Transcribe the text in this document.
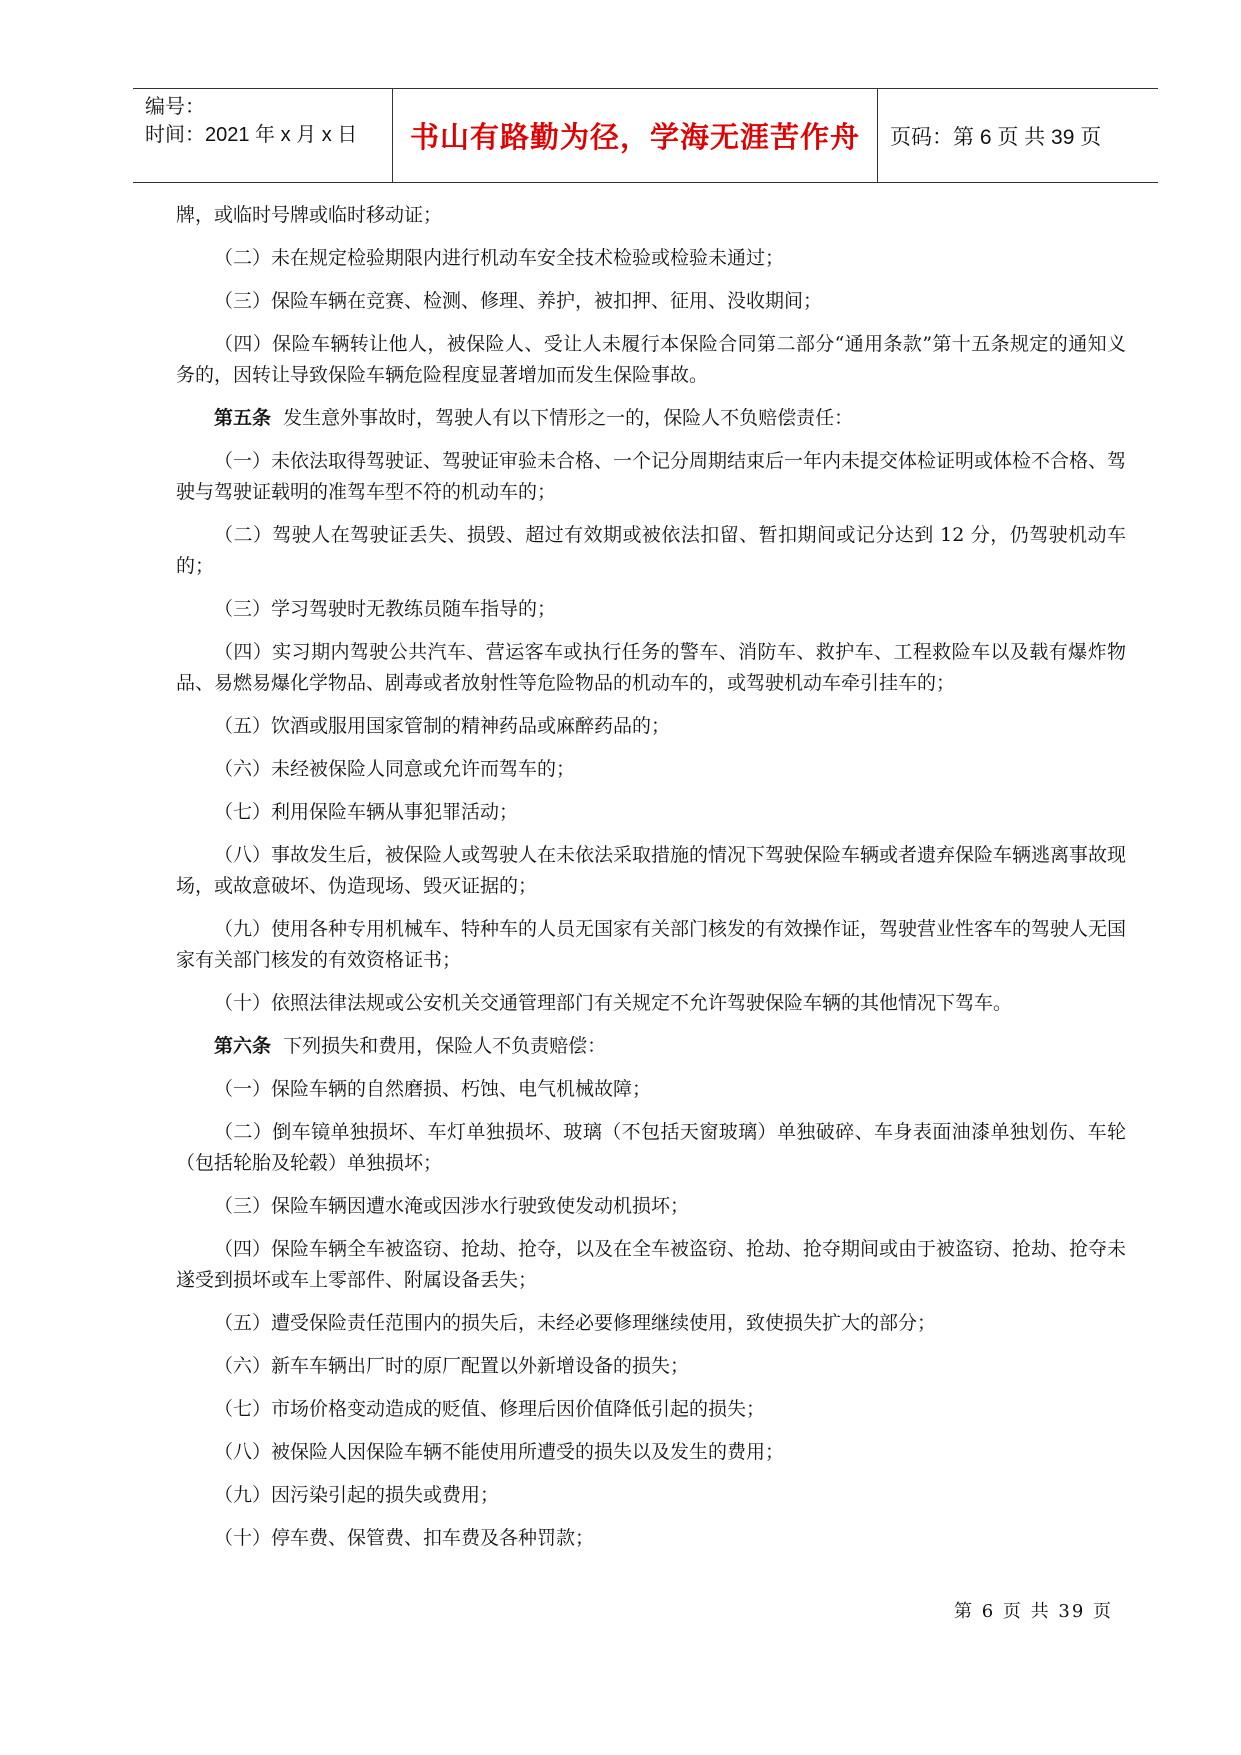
编号：
时间：2021 年 x 月 x 日	书山有路勤为径，学海无涯苦作舟 页码：第 6 页 共 39 页

牌，或临时号牌或临时移动证；

（二）未在规定检验期限内进行机动车安全技术检验或检验未通过；

（三）保险车辆在竞赛、检测、修理、养护，被扣押、征用、没收期间；

（四）保险车辆转让他人，被保险人、受让人未履行本保险合同第二部分“通用条款”第十五条规定的通知义务的，因转让导致保险车辆危险程度显著增加而发生保险事故。

第五条  发生意外事故时，驾驶人有以下情形之一的，保险人不负赔偿责任：

（一）未依法取得驾驶证、驾驶证审验未合格、一个记分周期结束后一年内未提交体检证明或体检不合格、驾驶与驾驶证载明的准驾车型不符的机动车的；

（二）驾驶人在驾驶证丢失、损毁、超过有效期或被依法扣留、暂扣期间或记分达到 12 分，仍驾驶机动车的；

（三）学习驾驶时无教练员随车指导的；

（四）实习期内驾驶公共汽车、营运客车或执行任务的警车、消防车、救护车、工程救险车以及载有爆炸物品、易燃易爆化学物品、剧毒或者放射性等危险物品的机动车的，或驾驶机动车牵引挂车的；

（五）饮酒或服用国家管制的精神药品或麻醉药品的；

（六）未经被保险人同意或允许而驾车的；

（七）利用保险车辆从事犯罪活动；

（八）事故发生后，被保险人或驾驶人在未依法采取措施的情况下驾驶保险车辆或者遗弃保险车辆逃离事故现场，或故意破坏、伪造现场、毁灭证据的；

（九）使用各种专用机械车、特种车的人员无国家有关部门核发的有效操作证，驾驶营业性客车的驾驶人无国家有关部门核发的有效资格证书；

（十）依照法律法规或公安机关交通管理部门有关规定不允许驾驶保险车辆的其他情况下驾车。

第六条  下列损失和费用，保险人不负责赔偿：

（一）保险车辆的自然磨损、朽蚀、电气机械故障；

（二）倒车镜单独损坏、车灯单独损坏、玻璃（不包括天窗玻璃）单独破碎、车身表面油漆单独划伤、车轮（包括轮胎及轮毂）单独损坏；

（三）保险车辆因遭水淹或因涉水行驶致使发动机损坏；

（四）保险车辆全车被盗窃、抢劫、抢夺，以及在全车被盗窃、抢劫、抢夺期间或由于被盗窃、抢劫、抢夺未遂受到损坏或车上零部件、附属设备丢失；

（五）遭受保险责任范围内的损失后，未经必要修理继续使用，致使损失扩大的部分；

（六）新车车辆出厂时的原厂配置以外新增设备的损失；

（七）市场价格变动造成的贬值、修理后因价值降低引起的损失；

（八）被保险人因保险车辆不能使用所遭受的损失以及发生的费用；

（九）因污染引起的损失或费用；

（十）停车费、保管费、扣车费及各种罚款；

第 6 页 共 39 页
